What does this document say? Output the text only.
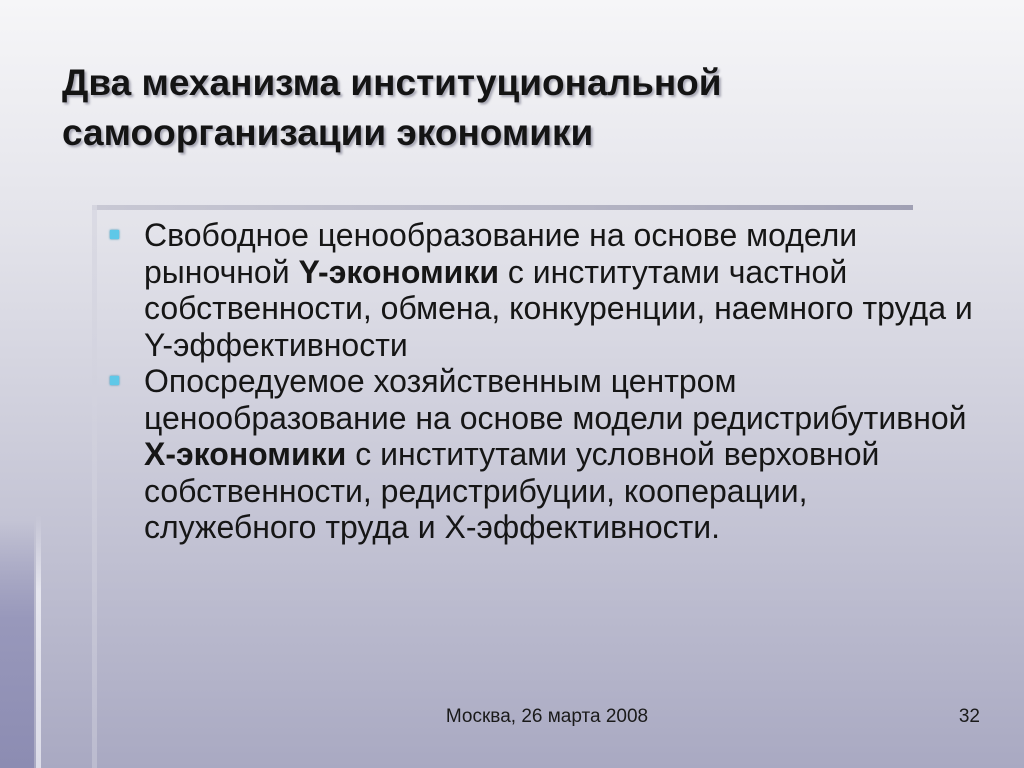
Два механизма институциональной
самоорганизации экономики
Свободное ценообразование на основе модели рыночной Y-экономики с институтами частной собственности, обмена, конкуренции, наемного труда и Y-эффективности
Опосредуемое хозяйственным центром ценообразование на основе модели редистрибутивной Х-экономики с институтами условной верховной собственности, редистрибуции, кооперации, служебного труда и Х-эффективности.
Москва, 26 марта 2008	32
